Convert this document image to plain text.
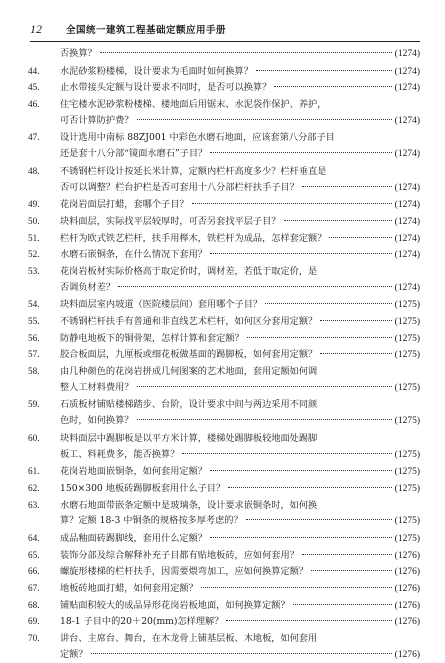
12	全国统一建筑工程基础定额应用手册
否换算？	(1274)
44.	水泥砂浆粉楼梯，设计要求为毛面时如何换算？	(1274)
45.	止水带接头定额与设计要求不同时，是否可以换算？	(1274)
46.	住宅楼水泥砂浆粉楼梯、楼地面后用锯末、水泥袋作保护、养护，
可否计算防护费？	(1274)
47.	设计选用中南标 88ZJ001 中彩色水磨石地面，应该套第八分部子目
还是套十八分部“镜面水磨石”子目？	(1274)
48.	不锈钢栏杆设计按延长米计算，定额内栏杆高度多少？栏杆垂直是
否可以调整？栏台护栏是否可套用十八分部栏杆扶手子目？	(1274)
49.	花岗岩面层打蜡，套哪个子目？	(1274)
50.	块料面层，实际找平层较厚时，可否另套找平层子目？	(1274)
51.	栏杆为欧式铁艺栏杆，扶手用榉木，铁栏杆为成品，怎样套定额？	(1274)
52.	水磨石嵌铜条，在什么情况下套用？	(1274)
53.	花岗岩板材实际价格高于取定价时，调材差，若低于取定价，是
否调负材差？	(1274)
54.	块料面层室内坡道（医院楼层间）套用哪个子目？	(1275)
55.	不锈钢栏杆扶手有普通和非直线艺术栏杆，如何区分套用定额？	(1275)
56.	防静电地板下的铜骨架，怎样计算和套定额？	(1275)
57.	胶合板面层，九厘板或细花板做基面的踢脚板，如何套用定额？	(1275)
58.	由几种颜色的花岗岩拼成几何图案的艺术地面，套用定额如何调
整人工材料费用？	(1275)
59.	石质板材铺贴楼梯踏步、台阶，设计要求中间与两边采用不同颜
色时，如何换算？	(1275)
60.	块料面层中踢脚板是以平方米计算，楼梯处踢脚板较地面处踢脚
板工、料耗费多，能否换算？	(1275)
61.	花岗岩地面嵌铜条，如何套用定额？	(1275)
62.	150×300 地板砖踢脚板套用什么子目？	(1275)
63.	水磨石地面带嵌条定额中是玻璃条，设计要求嵌铜条时，如何换
算？定额 18-3 中铜条的规格按多厚考虑的？	(1275)
64.	成品釉面砖踢脚线，套用什么定额？	(1275)
65.	装饰分部及综合解释补充子目都有贴地板砖，应如何套用？	(1276)
66.	螺旋形楼梯的栏杆扶手，因需要煨弯加工，应如何换算定额？	(1276)
67.	地板砖地面打蜡，如何套用定额？	(1276)
68.	铺贴面积较大的成品异形花岗岩板地面，如何换算定额？	(1276)
69.	18-1 子目中的20＋20(mm)怎样理解？	(1276)
70.	讲台、主席台、舞台，在木龙骨上铺基层板、木地板，如何套用
定额？	(1276)
